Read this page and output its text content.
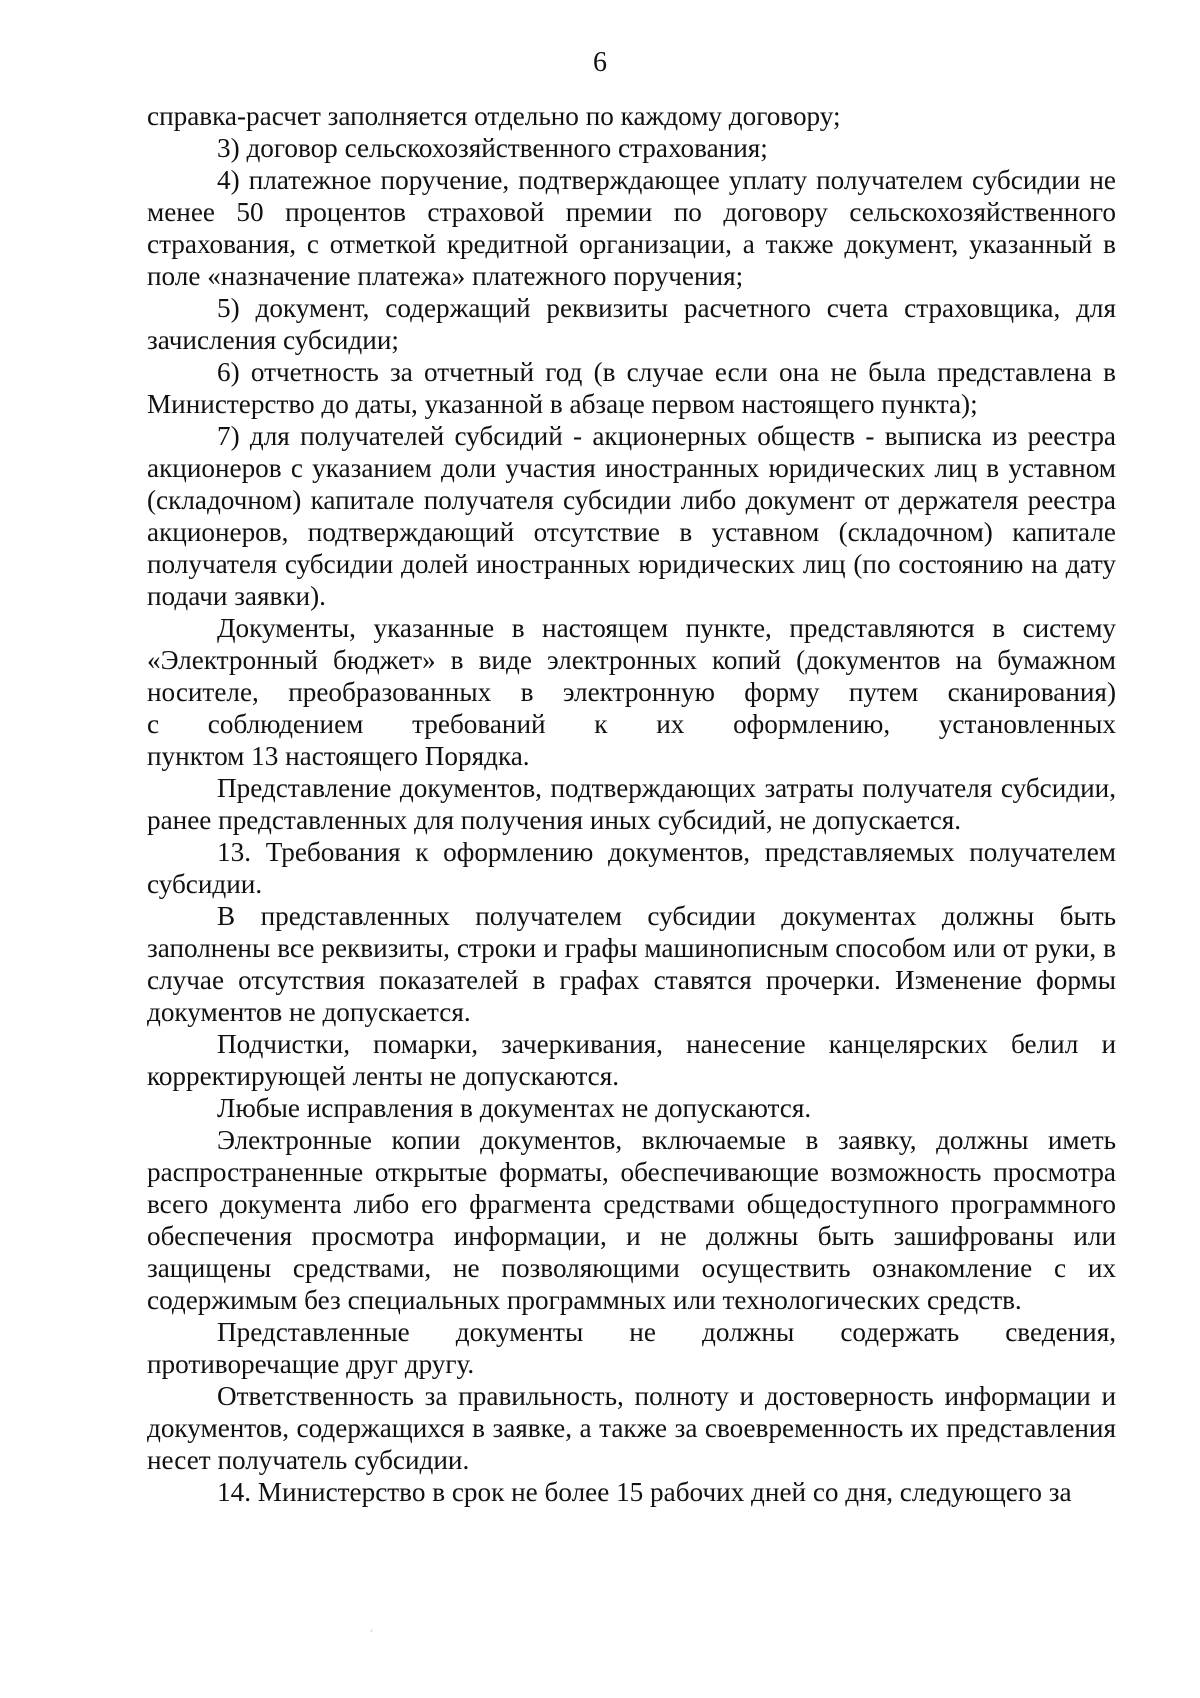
6

справка-расчет заполняется отдельно по каждому договору;

3) договор сельскохозяйственного страхования;

4) платежное поручение, подтверждающее уплату получателем субсидии не менее 50 процентов страховой премии по договору сельскохозяйственного страхования, с отметкой кредитной организации, а также документ, указанный в поле «назначение платежа» платежного поручения;

5) документ, содержащий реквизиты расчетного счета страховщика, для зачисления субсидии;

6) отчетность за отчетный год (в случае если она не была представлена в Министерство до даты, указанной в абзаце первом настоящего пункта);

7) для получателей субсидий - акционерных обществ - выписка из реестра акционеров с указанием доли участия иностранных юридических лиц в уставном (складочном) капитале получателя субсидии либо документ от держателя реестра акционеров, подтверждающий отсутствие в уставном (складочном) капитале получателя субсидии долей иностранных юридических лиц (по состоянию на дату подачи заявки).

Документы, указанные в настоящем пункте, представляются в систему «Электронный бюджет» в виде электронных копий (документов на бумажном носителе, преобразованных в электронную форму путем сканирования)

с соблюдением требований к их оформлению, установленных

пунктом 13 настоящего Порядка.

Представление документов, подтверждающих затраты получателя субсидии, ранее представленных для получения иных субсидий, не допускается.

13. Требования к оформлению документов, представляемых получателем субсидии.

В представленных получателем субсидии документах должны быть заполнены все реквизиты, строки и графы машинописным способом или от руки, в случае отсутствия показателей в графах ставятся прочерки. Изменение формы документов не допускается.

Подчистки, помарки, зачеркивания, нанесение канцелярских белил и корректирующей ленты не допускаются.

Любые исправления в документах не допускаются.

Электронные копии документов, включаемые в заявку, должны иметь распространенные открытые форматы, обеспечивающие возможность просмотра всего документа либо его фрагмента средствами общедоступного программного обеспечения просмотра информации, и не должны быть зашифрованы или защищены средствами, не позволяющими осуществить ознакомление с их содержимым без специальных программных или технологических средств.

Представленные документы не должны содержать сведения, противоречащие друг другу.

Ответственность за правильность, полноту и достоверность информации и документов, содержащихся в заявке, а также за своевременность их представления несет получатель субсидии.

14. Министерство в срок не более 15 рабочих дней со дня, следующего за

ˏ
